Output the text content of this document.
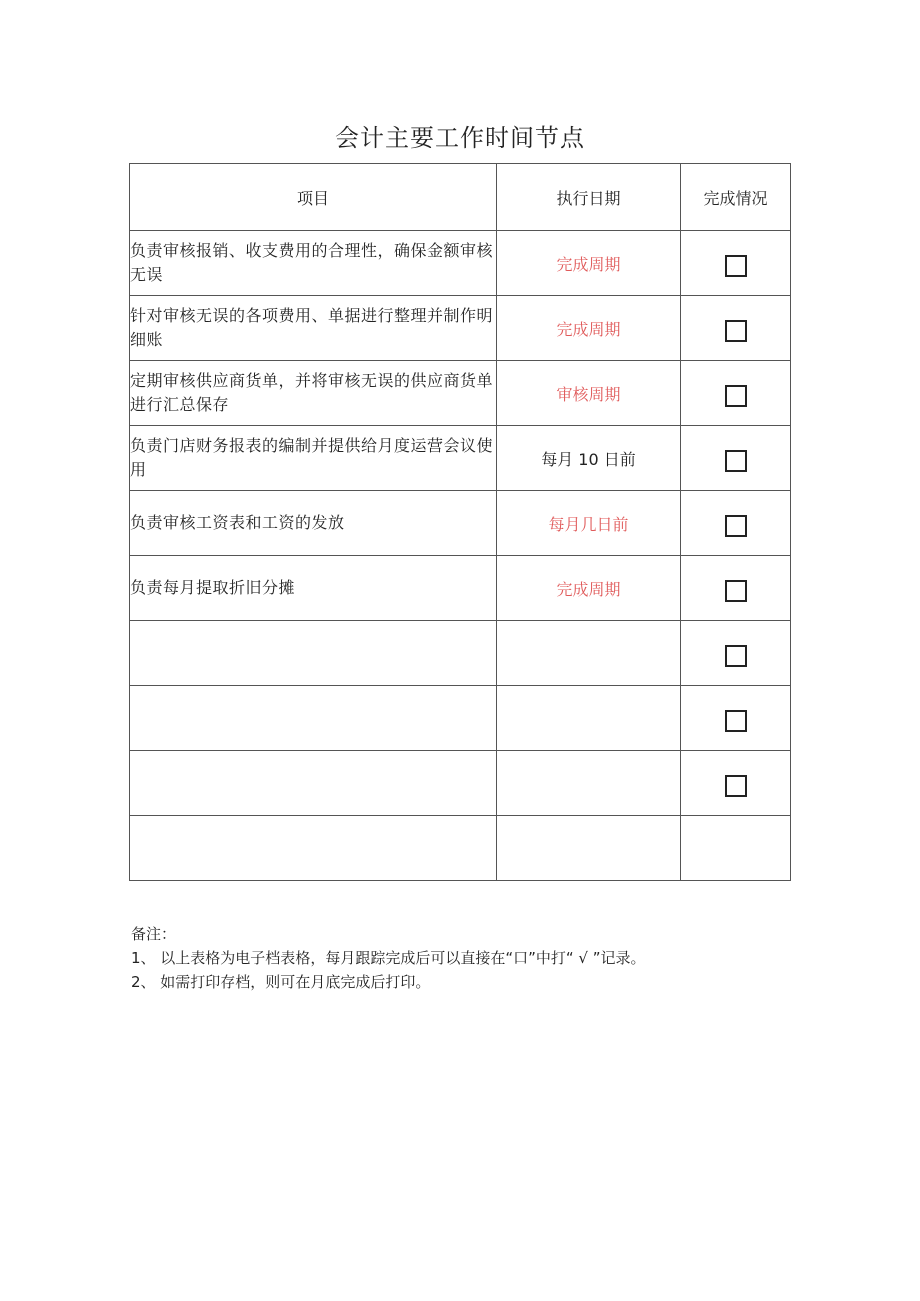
会计主要工作时间节点
项目	执行日期	完成情况
负责审核报销、收支费用的合理性，确保金额审核无误	完成周期	
针对审核无误的各项费用、单据进行整理并制作明细账	完成周期	
定期审核供应商货单，并将审核无误的供应商货单进行汇总保存	审核周期	
负责门店财务报表的编制并提供给月度运营会议使用	每月 10 日前	
负责审核工资表和工资的发放	每月几日前	
负责每月提取折旧分摊	完成周期	

备注：
1、 以上表格为电子档表格，每月跟踪完成后可以直接在“口”中打“ √ ”记录。
2、 如需打印存档，则可在月底完成后打印。
